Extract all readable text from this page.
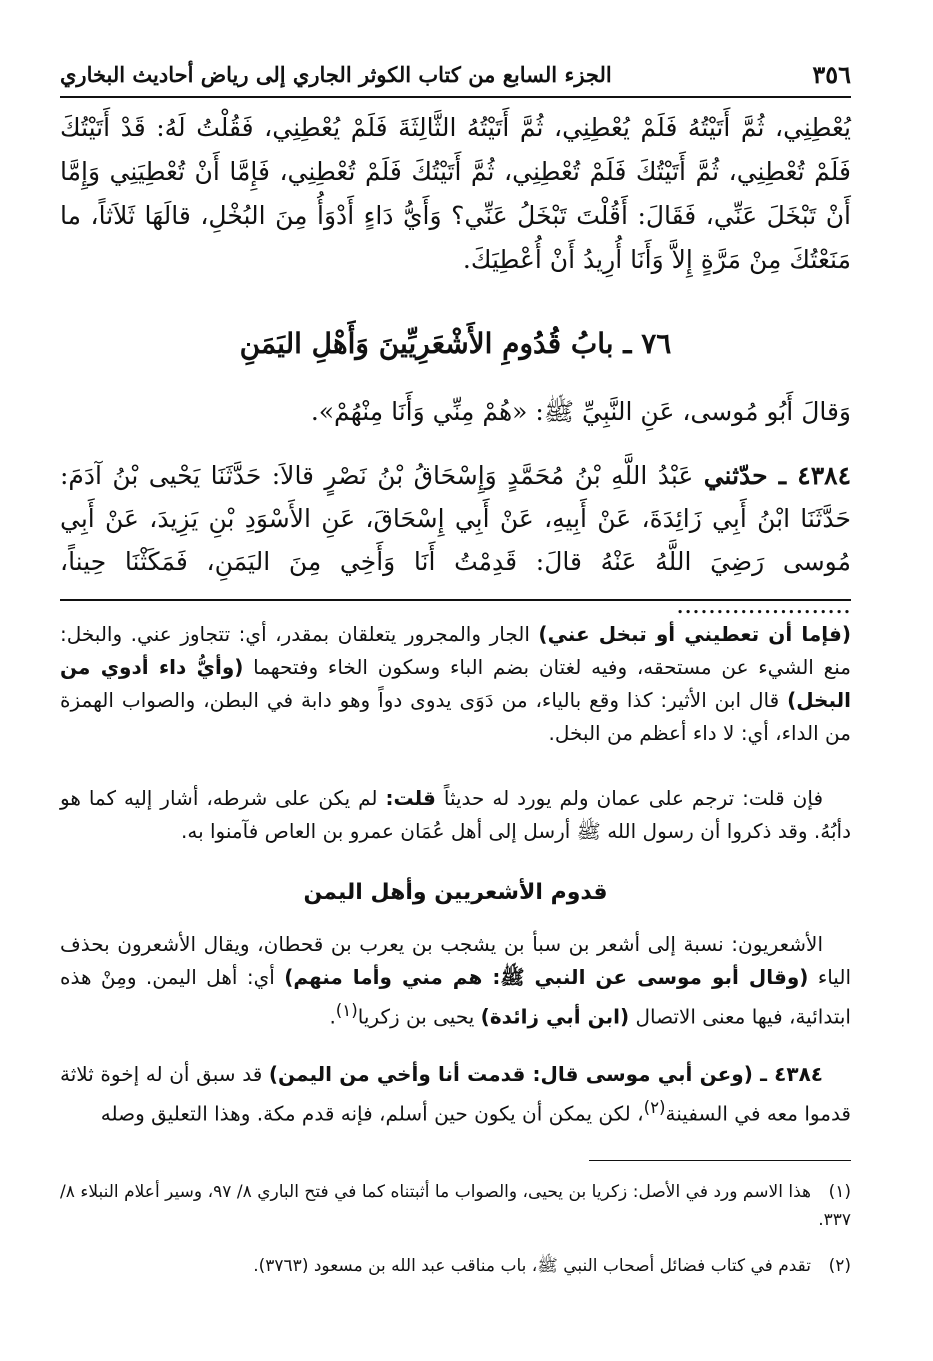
٣٥٦
الجزء السابع من كتاب الكوثر الجاري إلى رياض أحاديث البخاري

يُعْطِنِي، ثُمَّ أَتَيْتُهُ فَلَمْ يُعْطِنِي، ثُمَّ أَتَيْتُهُ الثَّالِثَةَ فَلَمْ يُعْطِنِي، فَقُلْتُ لَهُ: قَدْ أَتَيْتُكَ فَلَمْ تُعْطِنِي، ثُمَّ أَتَيْتُكَ فَلَمْ تُعْطِنِي، ثُمَّ أَتَيْتُكَ فَلَمْ تُعْطِنِي، فَإِمَّا أَنْ تُعْطِيَنِي وَإِمَّا أَنْ تَبْخَلَ عَنِّي، فَقَالَ: أَقُلْتَ تَبْخَلُ عَنِّي؟ وَأَيُّ دَاءٍ أَدْوَأُ مِنَ البُخْلِ، قالَهَا ثَلاَثاً، ما مَنَعْتُكَ مِنْ مَرَّةٍ إِلاَّ وَأَنَا أُرِيدُ أَنْ أُعْطِيَكَ.

٧٦ ـ بابُ قُدُومِ الأَشْعَرِيِّينَ وَأَهْلِ اليَمَنِ

وَقالَ أَبُو مُوسى، عَنِ النَّبِيِّ ﷺ: «هُمْ مِنِّي وَأَنَا مِنْهُمْ».

٤٣٨٤ ـ حدّثني عَبْدُ اللَّهِ بْنُ مُحَمَّدٍ وَإِسْحَاقُ بْنُ نَصْرٍ قالاَ: حَدَّثَنَا يَحْيى بْنُ آدَمَ: حَدَّثَنَا ابْنُ أَبِي زَائِدَةَ، عَنْ أَبِيهِ، عَنْ أَبِي إِسْحَاقَ، عَنِ الأَسْوَدِ بْنِ يَزِيدَ، عَنْ أَبِي مُوسى رَضِيَ اللَّهُ عَنْهُ قالَ: قَدِمْتُ أَنَا وَأَخِي مِنَ اليَمَنِ، فَمَكَثْنَا حِيناً، ......................

(فإما أن تعطيني أو تبخل عني) الجار والمجرور يتعلقان بمقدر، أي: تتجاوز عني. والبخل: منع الشيء عن مستحقه، وفيه لغتان بضم الباء وسكون الخاء وفتحهما (وأيُّ داء أدوي من البخل) قال ابن الأثير: كذا وقع بالياء، من دَوَى يدوى دواً وهو دابة في البطن، والصواب الهمزة من الداء، أي: لا داء أعظم من البخل.

فإن قلت: ترجم على عمان ولم يورد له حديثاً قلت: لم يكن على شرطه، أشار إليه كما هو دأبُهُ. وقد ذكروا أن رسول الله ﷺ أرسل إلى أهل عُمَان عمرو بن العاص فآمنوا به.

قدوم الأشعريين وأهل اليمن

الأشعريون: نسبة إلى أشعر بن سبأ بن يشجب بن يعرب بن قحطان، ويقال الأشعرون بحذف الياء (وقال أبو موسى عن النبي ﷺ: هم مني وأما منهم) أي: أهل اليمن. ومِنْ هذه ابتدائية، فيها معنى الاتصال (ابن أبي زائدة) يحيى بن زكريا$^{(١)}$.

٤٣٨٤ ـ (وعن أبي موسى قال: قدمت أنا وأخي من اليمن) قد سبق أن له إخوة ثلاثة قدموا معه في السفينة$^{(٢)}$، لكن يمكن أن يكون حين أسلم، فإنه قدم مكة. وهذا التعليق وصله

(١)هذا الاسم ورد في الأصل: زكريا بن يحيى، والصواب ما أثبتناه كما في فتح الباري ٨/ ٩٧، وسير أعلام النبلاء ٨/ ٣٣٧.

(٢)تقدم في كتاب فضائل أصحاب النبي ﷺ، باب مناقب عبد الله بن مسعود (٣٧٦٣).
